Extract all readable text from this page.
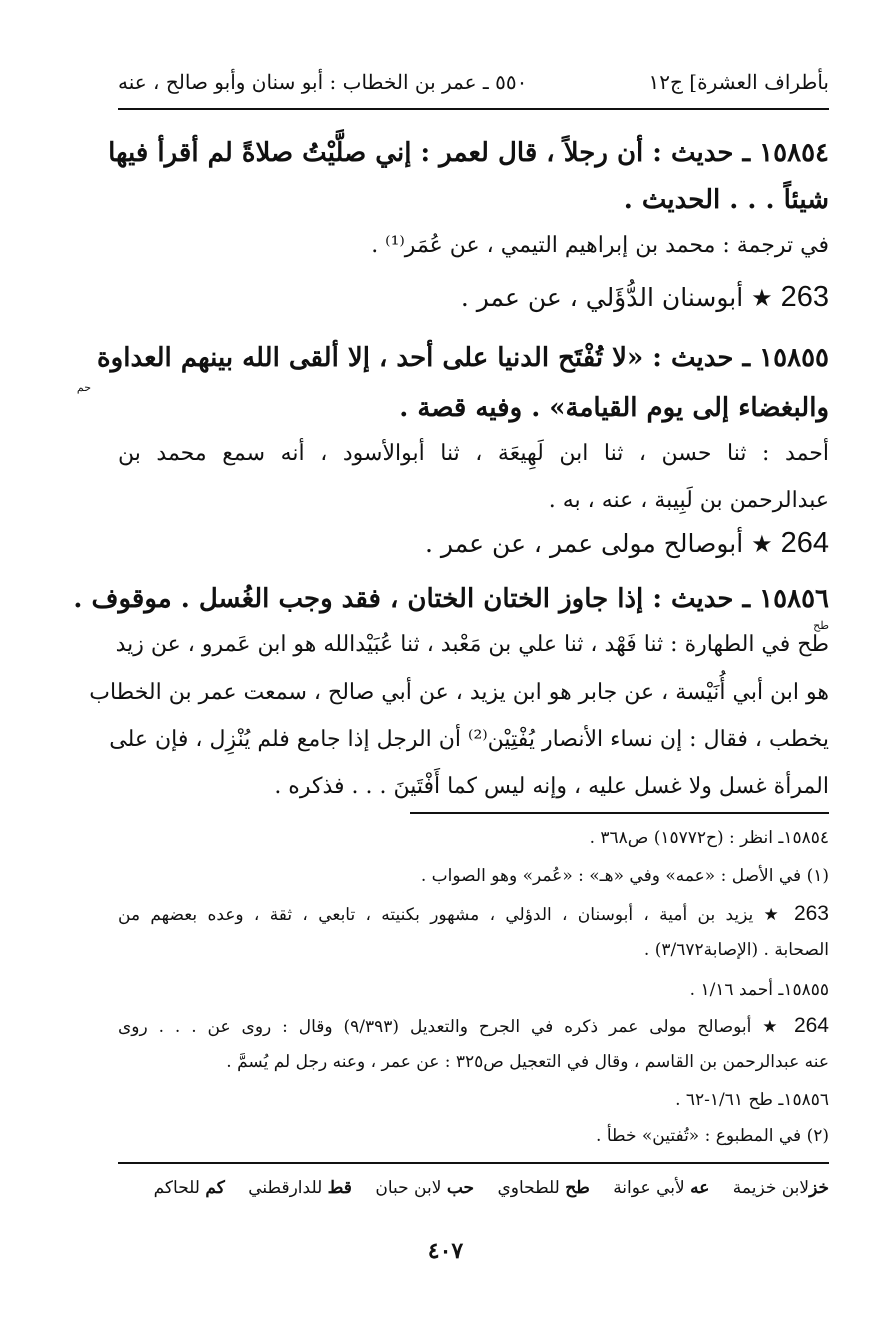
بأطراف العشرة] ج١٢
٥٥٠ ـ عمر بن الخطاب : أبو سنان وأبو صالح ، عنه
١٥٨٥٤ ـ حديث : أن رجلاً ، قال لعمر : إني صلَّيْتُ صلاةً لم أقرأ فيها
شيئاً . . . الحديث .
في ترجمة : محمد بن إبراهيم التيمي ، عن عُمَر⁽¹⁾ .
263 ★ أبوسنان الدُّؤَلي ، عن عمر .
١٥٨٥٥ ـ حديث : «لا تُفْتَح الدنيا على أحد ، إلا ألقى الله بينهم العداوة
حم
والبغضاء إلى يوم القيامة» . وفيه قصة .
أحمد : ثنا حسن ، ثنا ابن لَهِيعَة ، ثنا أبوالأسود ، أنه سمع محمد بن
عبدالرحمن بن لَبِيبة ، عنه ، به .
264 ★ أبوصالح مولى عمر ، عن عمر .
١٥٨٥٦ ـ حديث : إذا جاوز الختان الختان ، فقد وجب الغُسل . موقوف .
طح
طح في الطهارة : ثنا فَهْد ، ثنا علي بن مَعْبد ، ثنا عُبَيْدالله هو ابن عَمرو ، عن زيد
هو ابن أبي أُنَيْسة ، عن جابر هو ابن يزيد ، عن أبي صالح ، سمعت عمر بن الخطاب
يخطب ، فقال : إن نساء الأنصار يُفْتِيْن⁽²⁾ أن الرجل إذا جامع فلم يُنْزِل ، فإن على
المرأة غسل ولا غسل عليه ، وإنه ليس كما أَفْتَينَ . . . فذكره .
١٥٨٥٤ـ انظر : (ح١٥٧٧٢) ص٣٦٨ .
(١) في الأصل : «عمه» وفي «هـ» : «عُمر» وهو الصواب .
263 ★ يزيد بن أمية ، أبوسنان ، الدؤلي ، مشهور بكنيته ، تابعي ، ثقة ، وعده بعضهم من
الصحابة . (الإصابة٣/٦٧٢) .
١٥٨٥٥ـ أحمد ١/١٦ .
264 ★ أبوصالح مولى عمر ذكره في الجرح والتعديل (٩/٣٩٣) وقال : روى عن . . . روى
عنه عبدالرحمن بن القاسم ، وقال في التعجيل ص٣٢٥ : عن عمر ، وعنه رجل لم يُسمَّ .
١٥٨٥٦ـ طح ١/٦١-٦٢ .
(٢) في المطبوع : «تُفتين» خطأ .
خزلابن خزيمة عه لأبي عوانة طح للطحاوي حب لابن حبان قط للدارقطني كم للحاكم
٤٠٧
